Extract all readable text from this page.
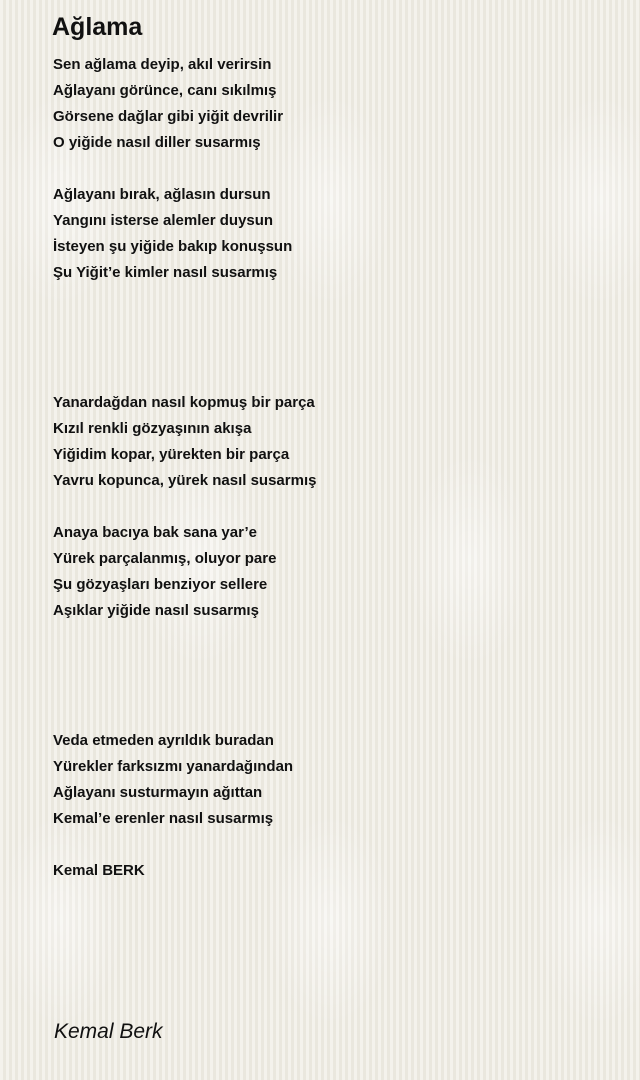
Ağlama
Sen ağlama deyip, akıl verirsin
Ağlayanı görünce, canı sıkılmış
Görsene dağlar gibi yiğit devrilir
O yiğide nasıl diller susarmış
Ağlayanı bırak, ağlasın dursun
Yangını isterse alemler duysun
İsteyen şu yiğide bakıp konuşsun
Şu Yiğit’e kimler nasıl susarmış
Yanardağdan nasıl kopmuş bir parça
Kızıl renkli gözyaşının akışa
Yiğidim kopar, yürekten bir parça
Yavru kopunca, yürek nasıl susarmış
Anaya bacıya bak sana yar’e
Yürek parçalanmış, oluyor pare
Şu gözyaşları benziyor sellere
Aşıklar yiğide nasıl susarmış
Veda etmeden ayrıldık buradan
Yürekler farksızmı yanardağından
Ağlayanı susturmayın ağıttan
Kemal’e erenler nasıl susarmış
Kemal BERK
Kemal Berk
